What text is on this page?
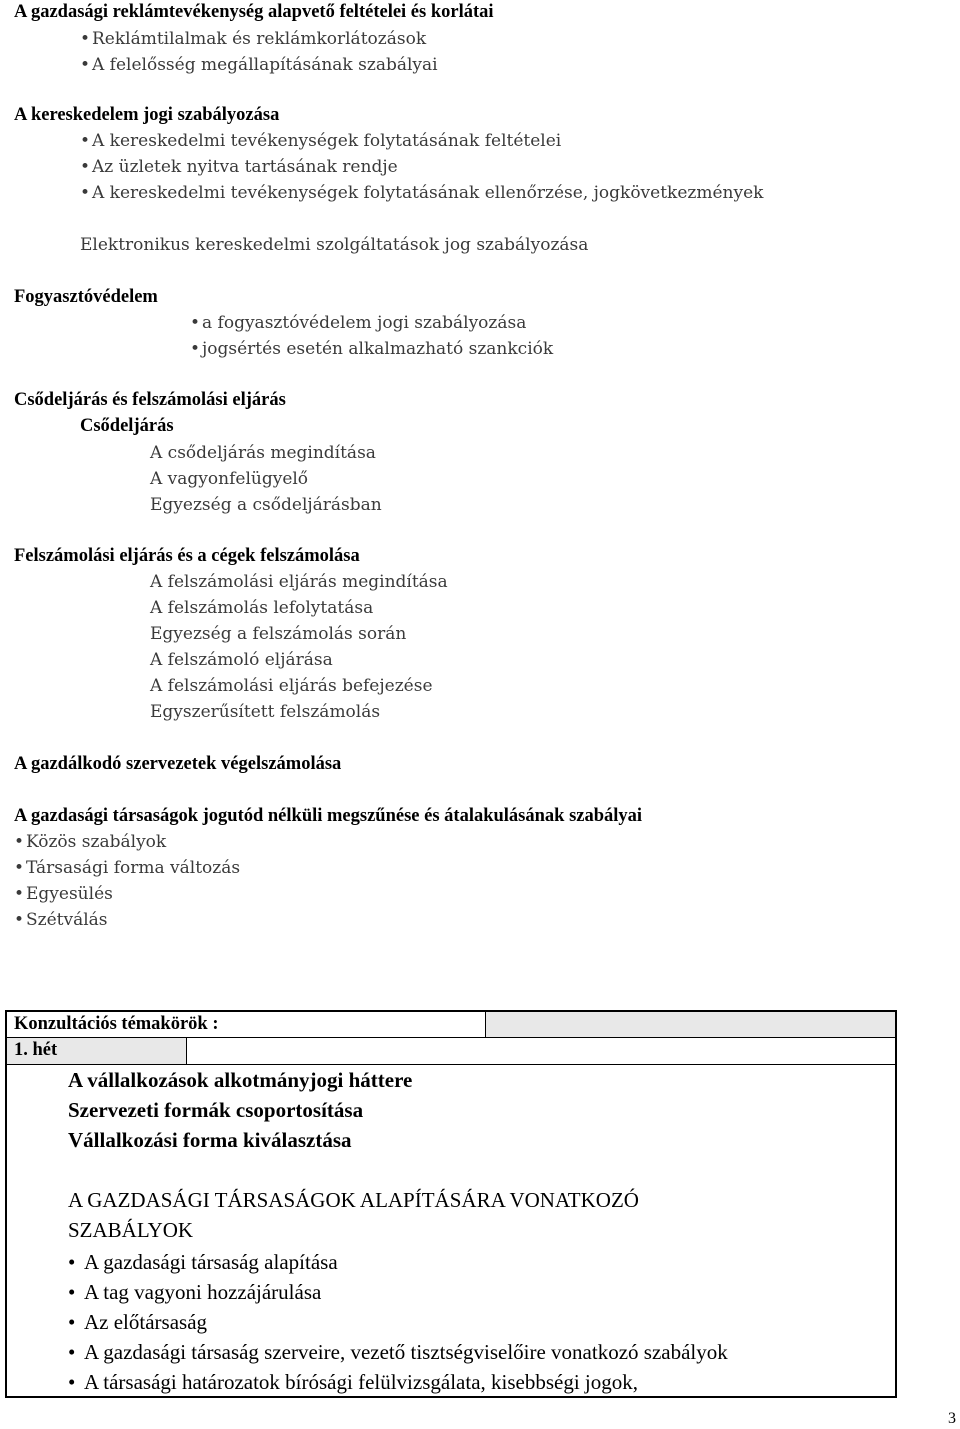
A gazdasági reklámtevékenység alapvető feltételei és korlátai
• Reklámtilalmak és reklámkorlátozások
• A felelősség megállapításának szabályai
A kereskedelem jogi szabályozása
• A kereskedelmi tevékenységek folytatásának feltételei
• Az üzletek nyitva tartásának rendje
• A kereskedelmi tevékenységek folytatásának ellenőrzése, jogkövetkezmények
Elektronikus kereskedelmi szolgáltatások jog szabályozása
Fogyasztóvédelem
• a fogyasztóvédelem jogi szabályozása
• jogsértés esetén alkalmazható szankciók
Csődeljárás és felszámolási eljárás
Csődeljárás
A csődeljárás megindítása
A vagyonfelügyelő
Egyezség a csődeljárásban
Felszámolási eljárás és a cégek felszámolása
A felszámolási eljárás megindítása
A felszámolás lefolytatása
Egyezség a felszámolás során
A felszámoló eljárása
A felszámolási eljárás befejezése
Egyszerűsített felszámolás
A gazdálkodó szervezetek végelszámolása
A gazdasági társaságok jogutód nélküli megszűnése és átalakulásának szabályai
• Közös szabályok
• Társasági forma változás
• Egyesülés
• Szétválás
Konzultációs témakörök :
1. hét
A vállalkozások alkotmányjogi háttere
Szervezeti formák csoportosítása
Vállalkozási forma kiválasztása
A GAZDASÁGI TÁRSASÁGOK ALAPÍTÁSÁRA VONATKOZÓ
SZABÁLYOK
• A gazdasági társaság alapítása
• A tag vagyoni hozzájárulása
• Az előtársaság
• A gazdasági társaság szerveire, vezető tisztségviselőire vonatkozó szabályok
• A társasági határozatok bírósági felülvizsgálata, kisebbségi jogok,
3
